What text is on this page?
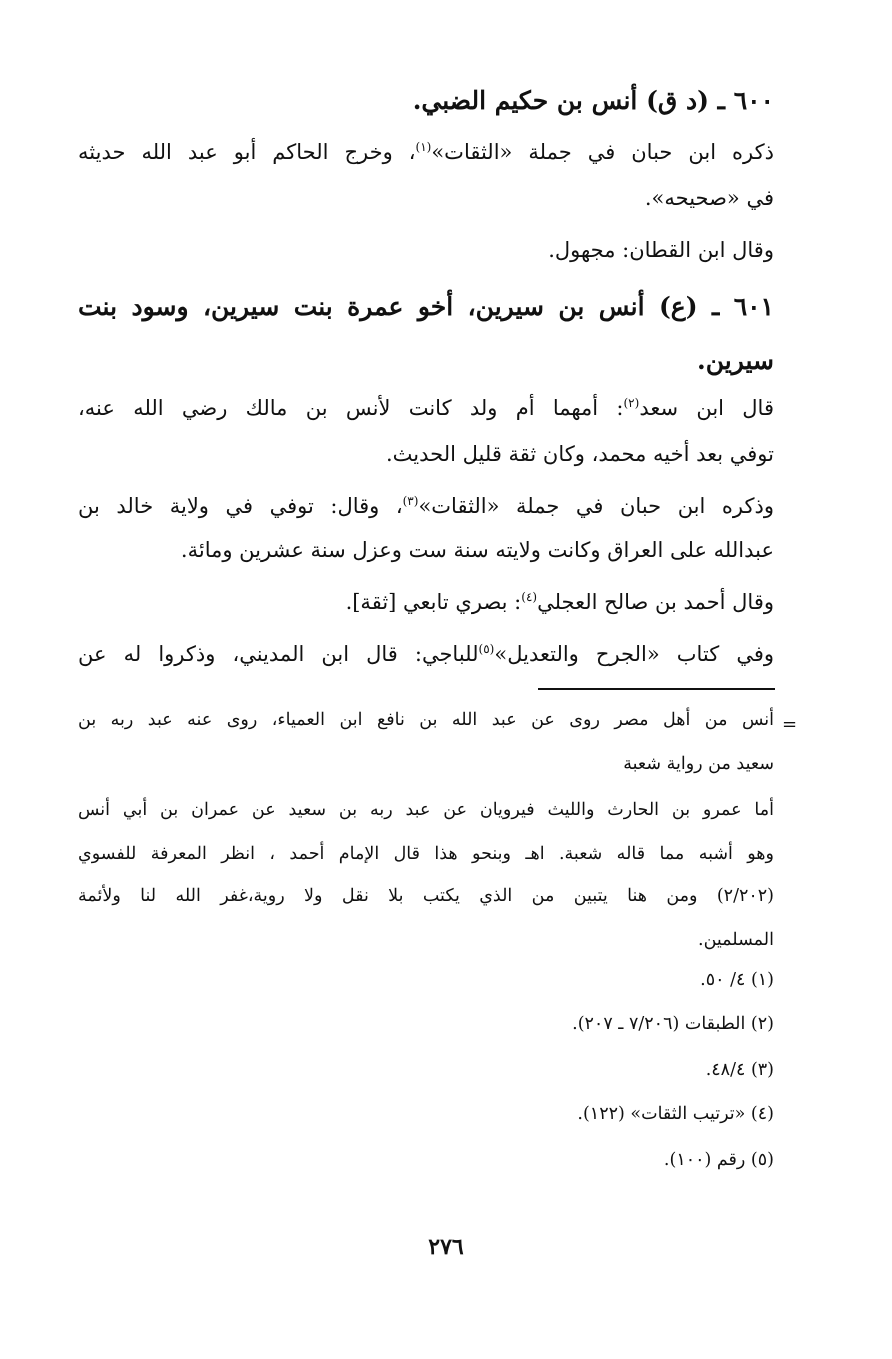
٦٠٠ ـ (د ق) أنس بن حكيم الضبي.
ذكره ابن حبان في جملة «الثقات»$^{(١)}$، وخرج الحاكم أبو عبد الله حديثه
في «صحيحه».
وقال ابن القطان: مجهول.
٦٠١ ـ (ع) أنس بن سيرين، أخو عمرة بنت سيرين، وسود بنت
سيرين.
قال ابن سعد$^{(٢)}$: أمهما أم ولد كانت لأنس بن مالك رضي الله عنه،
توفي بعد أخيه محمد، وكان ثقة قليل الحديث.
وذكره ابن حبان في جملة «الثقات»$^{(٣)}$، وقال: توفي في ولاية خالد بن
عبدالله على العراق وكانت ولايته سنة ست وعزل سنة عشرين ومائة.
وقال أحمد بن صالح العجلي$^{(٤)}$: بصري تابعي [ثقة].
وفي كتاب «الجرح والتعديل»$^{(٥)}$للباجي: قال ابن المديني، وذكروا له عن
=
أنس من أهل مصر روى عن عبد الله بن نافع ابن العمياء، روى عنه عبد ربه بن
سعيد من رواية شعبة
أما عمرو بن الحارث والليث فيرويان عن عبد ربه بن سعيد عن عمران بن أبي أنس
وهو أشبه مما قاله شعبة. اهـ وبنحو هذا قال الإمام أحمد ، انظر المعرفة للفسوي
(٢/٢٠٢) ومن هنا يتبين من الذي يكتب بلا نقل ولا روية،غفر الله لنا ولأئمة
المسلمين.
(١) ٤/ ٥٠.
(٢) الطبقات (٧/٢٠٦ ـ ٢٠٧).
(٣) ٤٨/٤.
(٤) «ترتيب الثقات» (١٢٢).
(٥) رقم (١٠٠).
٢٧٦
